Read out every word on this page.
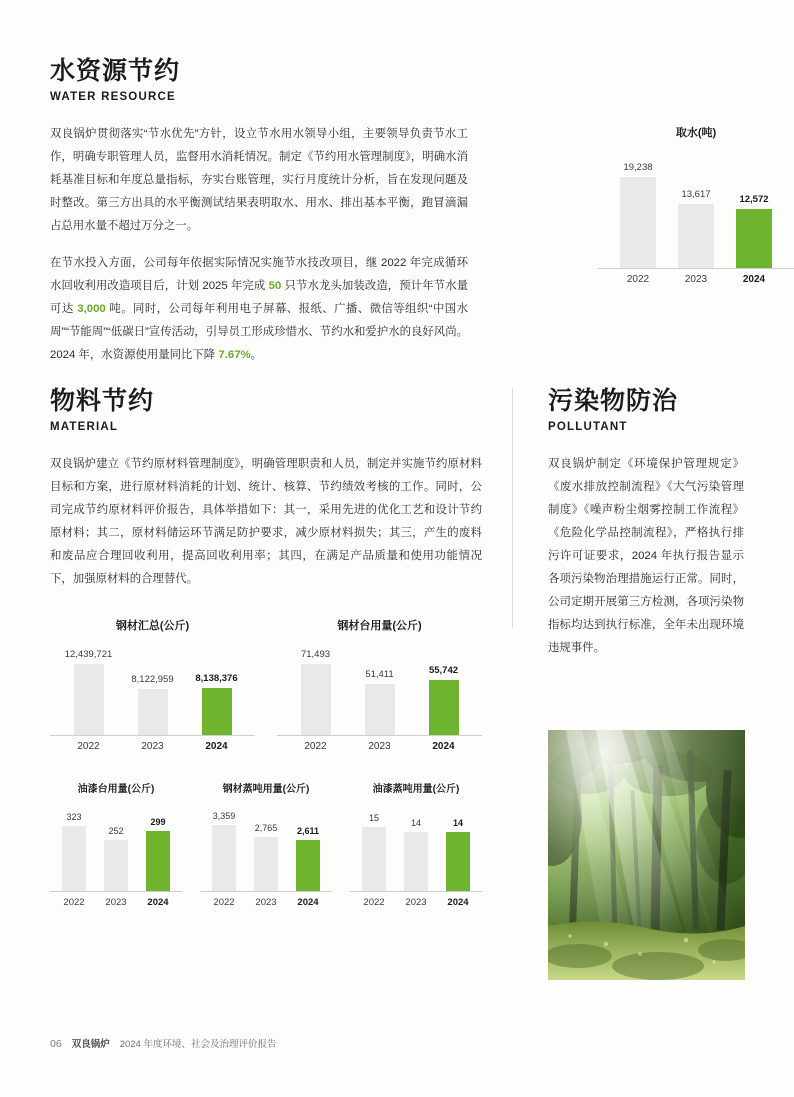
水资源节约
WATER RESOURCE

双良锅炉贯彻落实“节水优先”方针，设立节水用水领导小组，主要领导负责节水工作，明确专职管理人员，监督用水消耗情况。制定《节约用水管理制度》，明确水消耗基准目标和年度总量指标，夯实台账管理，实行月度统计分析，旨在发现问题及时整改。第三方出具的水平衡测试结果表明取水、用水、排出基本平衡，跑冒滴漏占总用水量不超过万分之一。

在节水投入方面，公司每年依据实际情况实施节水技改项目，继 2022 年完成循环水回收利用改造项目后，计划 2025 年完成 50 只节水龙头加装改造，预计年节水量可达 3,000 吨。同时，公司每年利用电子屏幕、报纸、广播、微信等组织“中国水周”“节能周”“低碳日”宣传活动，引导员工形成珍惜水、节约水和爱护水的良好风尚。2024 年，水资源使用量同比下降 7.67%。

取水(吨)
19,238
13,617	12,572
2022	2023	2024
物料节约
MATERIAL

双良锅炉建立《节约原材料管理制度》，明确管理职责和人员，制定并实施节约原材料目标和方案，进行原材料消耗的计划、统计、核算、节约绩效考核的工作。同时，公司完成节约原材料评价报告，具体举措如下：其一，采用先进的优化工艺和设计节约原材料；其二，原材料储运环节满足防护要求，减少原材料损失；其三，产生的废料和废品应合理回收利用，提高回收利用率；其四，在满足产品质量和使用功能情况下，加强原材料的合理替代。

钢材汇总(公斤)
12,439,721
8,122,959 8,138,376
2022	2023	2024
钢材台用量(公斤)
71,493
51,411	55,742
2022	2023	2024
油漆台用量(公斤)
323
252
299
2022	2023	2024
钢材蒸吨用量(公斤)
3,359
2,765 2,611
2022	2023	2024
油漆蒸吨用量(公斤)
15	14	14
2022	2023	2024
污染物防治
POLLUTANT

双良锅炉制定《环境保护管理规定》《废水排放控制流程》《大气污染管理制度》《噪声粉尘烟雾控制工作流程》《危险化学品控制流程》，严格执行排污许可证要求，2024 年执行报告显示各项污染物治理措施运行正常。同时，公司定期开展第三方检测，各项污染物指标均达到执行标准，全年未出现环境违规事件。

06 双良锅炉 2024 年度环境、社会及治理评价报告
